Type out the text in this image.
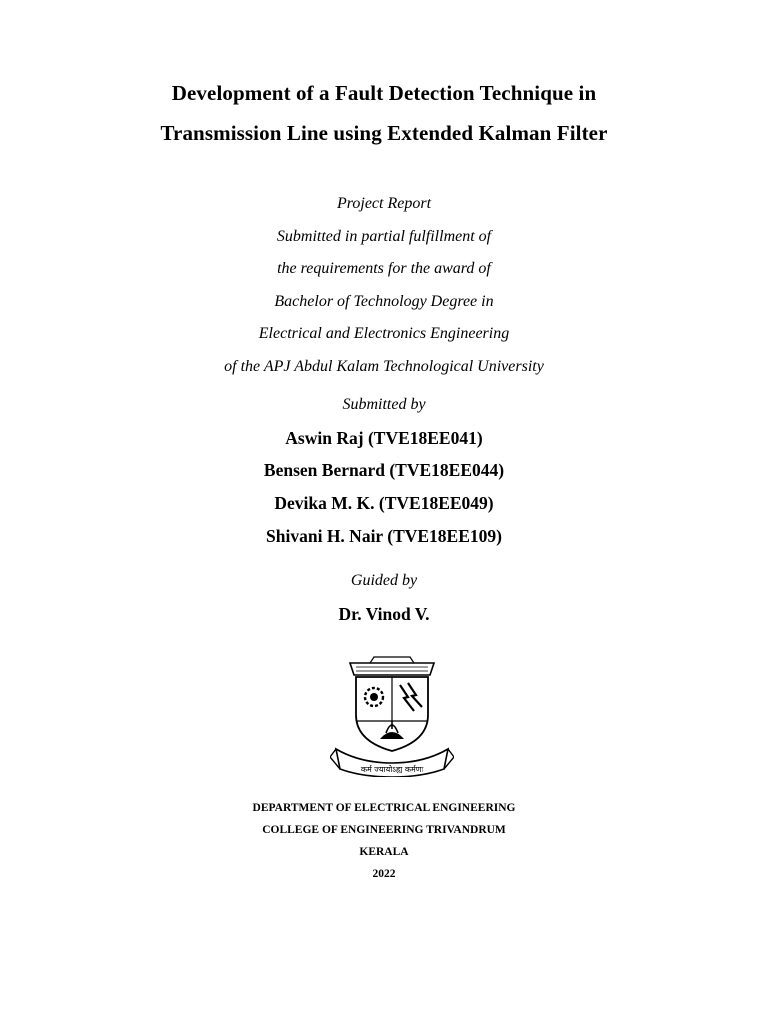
Development of a Fault Detection Technique in
Transmission Line using Extended Kalman Filter
Project Report
Submitted in partial fulfillment of
the requirements for the award of
Bachelor of Technology Degree in
Electrical and Electronics Engineering
of the APJ Abdul Kalam Technological University
Submitted by
Aswin Raj (TVE18EE041)
Bensen Bernard (TVE18EE044)
Devika M. K. (TVE18EE049)
Shivani H. Nair (TVE18EE109)
Guided by
Dr. Vinod V.
कर्म ज्यायोऽह्य कर्मणः
DEPARTMENT OF ELECTRICAL ENGINEERING
COLLEGE OF ENGINEERING TRIVANDRUM
KERALA
2022
